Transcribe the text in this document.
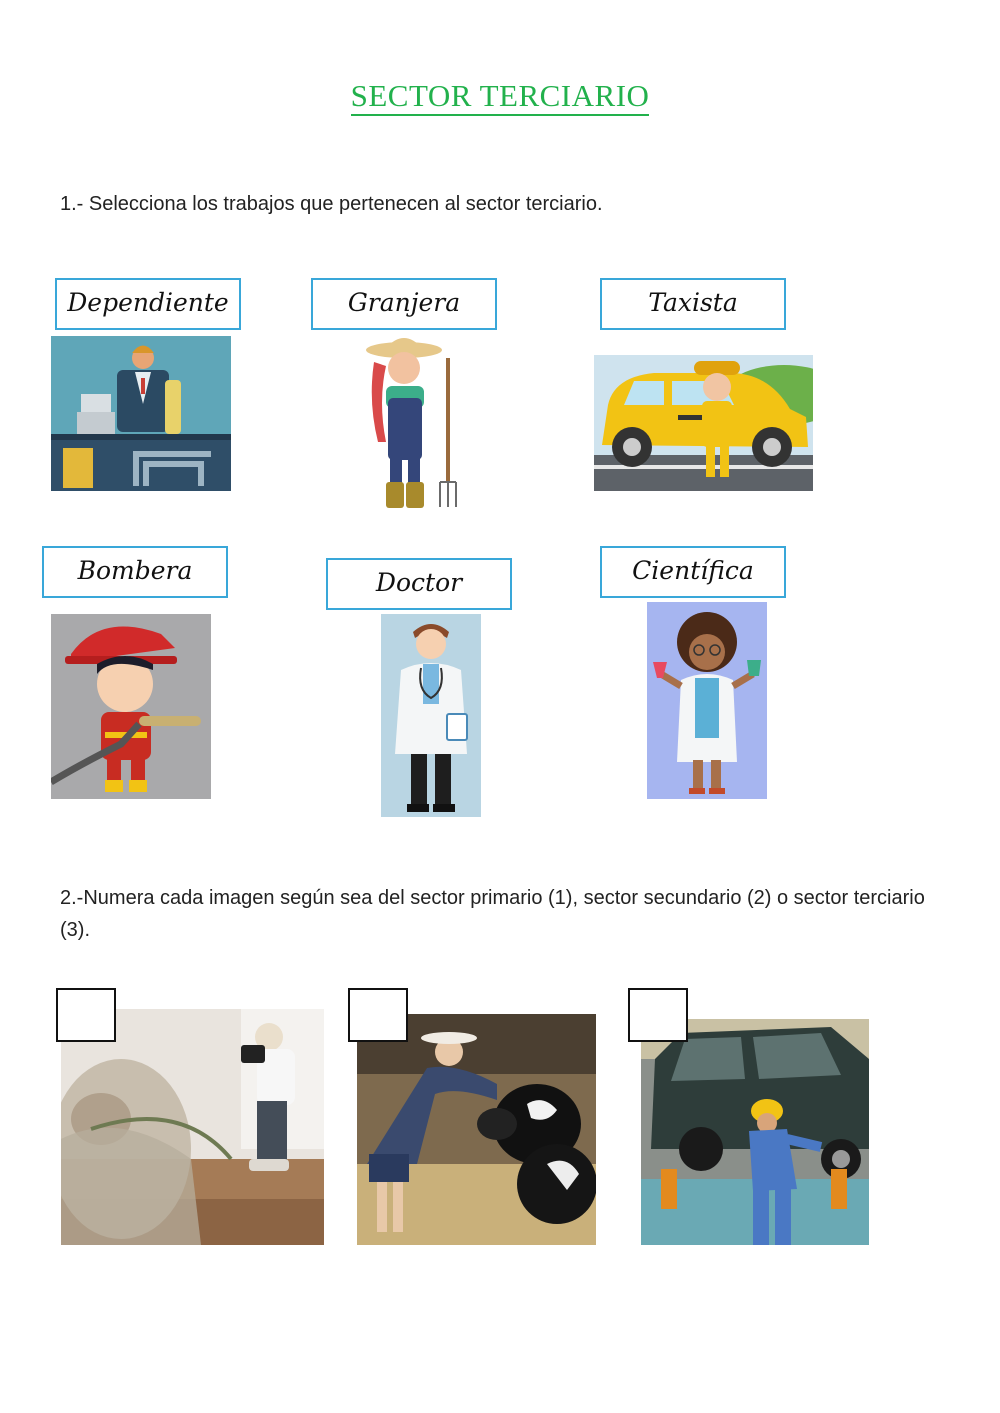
SECTOR TERCIARIO
1.- Selecciona los trabajos que pertenecen al sector terciario.
Dependiente	Granjera	Taxista
Bombera	Doctor	Científica
2.-Numera cada imagen según sea del sector primario (1), sector secundario (2) o sector terciario (3).
